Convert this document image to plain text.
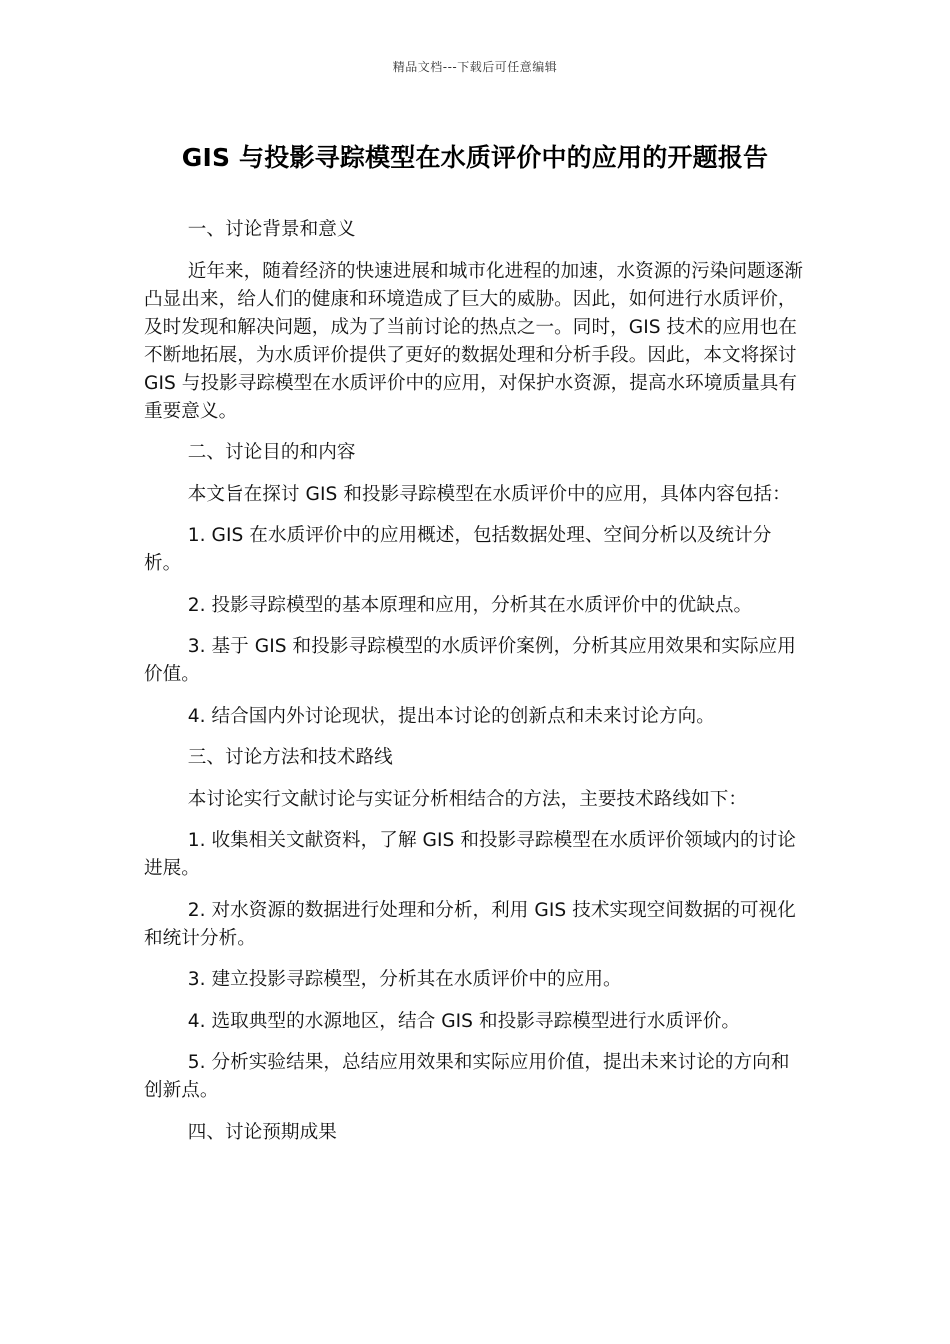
精品文档---下载后可任意编辑
GIS 与投影寻踪模型在水质评价中的应用的开题报告

一、讨论背景和意义

近年来，随着经济的快速进展和城市化进程的加速，水资源的污染问题逐渐凸显出来，给人们的健康和环境造成了巨大的威胁。因此，如何进行水质评价，及时发现和解决问题，成为了当前讨论的热点之一。同时，GIS 技术的应用也在不断地拓展，为水质评价提供了更好的数据处理和分析手段。因此，本文将探讨 GIS 与投影寻踪模型在水质评价中的应用，对保护水资源，提高水环境质量具有重要意义。

二、讨论目的和内容

本文旨在探讨 GIS 和投影寻踪模型在水质评价中的应用，具体内容包括：

1. GIS 在水质评价中的应用概述，包括数据处理、空间分析以及统计分析。

2. 投影寻踪模型的基本原理和应用，分析其在水质评价中的优缺点。

3. 基于 GIS 和投影寻踪模型的水质评价案例，分析其应用效果和实际应用价值。

4. 结合国内外讨论现状，提出本讨论的创新点和未来讨论方向。

三、讨论方法和技术路线

本讨论实行文献讨论与实证分析相结合的方法，主要技术路线如下：

1. 收集相关文献资料，了解 GIS 和投影寻踪模型在水质评价领域内的讨论进展。

2. 对水资源的数据进行处理和分析，利用 GIS 技术实现空间数据的可视化和统计分析。

3. 建立投影寻踪模型，分析其在水质评价中的应用。

4. 选取典型的水源地区，结合 GIS 和投影寻踪模型进行水质评价。

5. 分析实验结果，总结应用效果和实际应用价值，提出未来讨论的方向和创新点。

四、讨论预期成果
